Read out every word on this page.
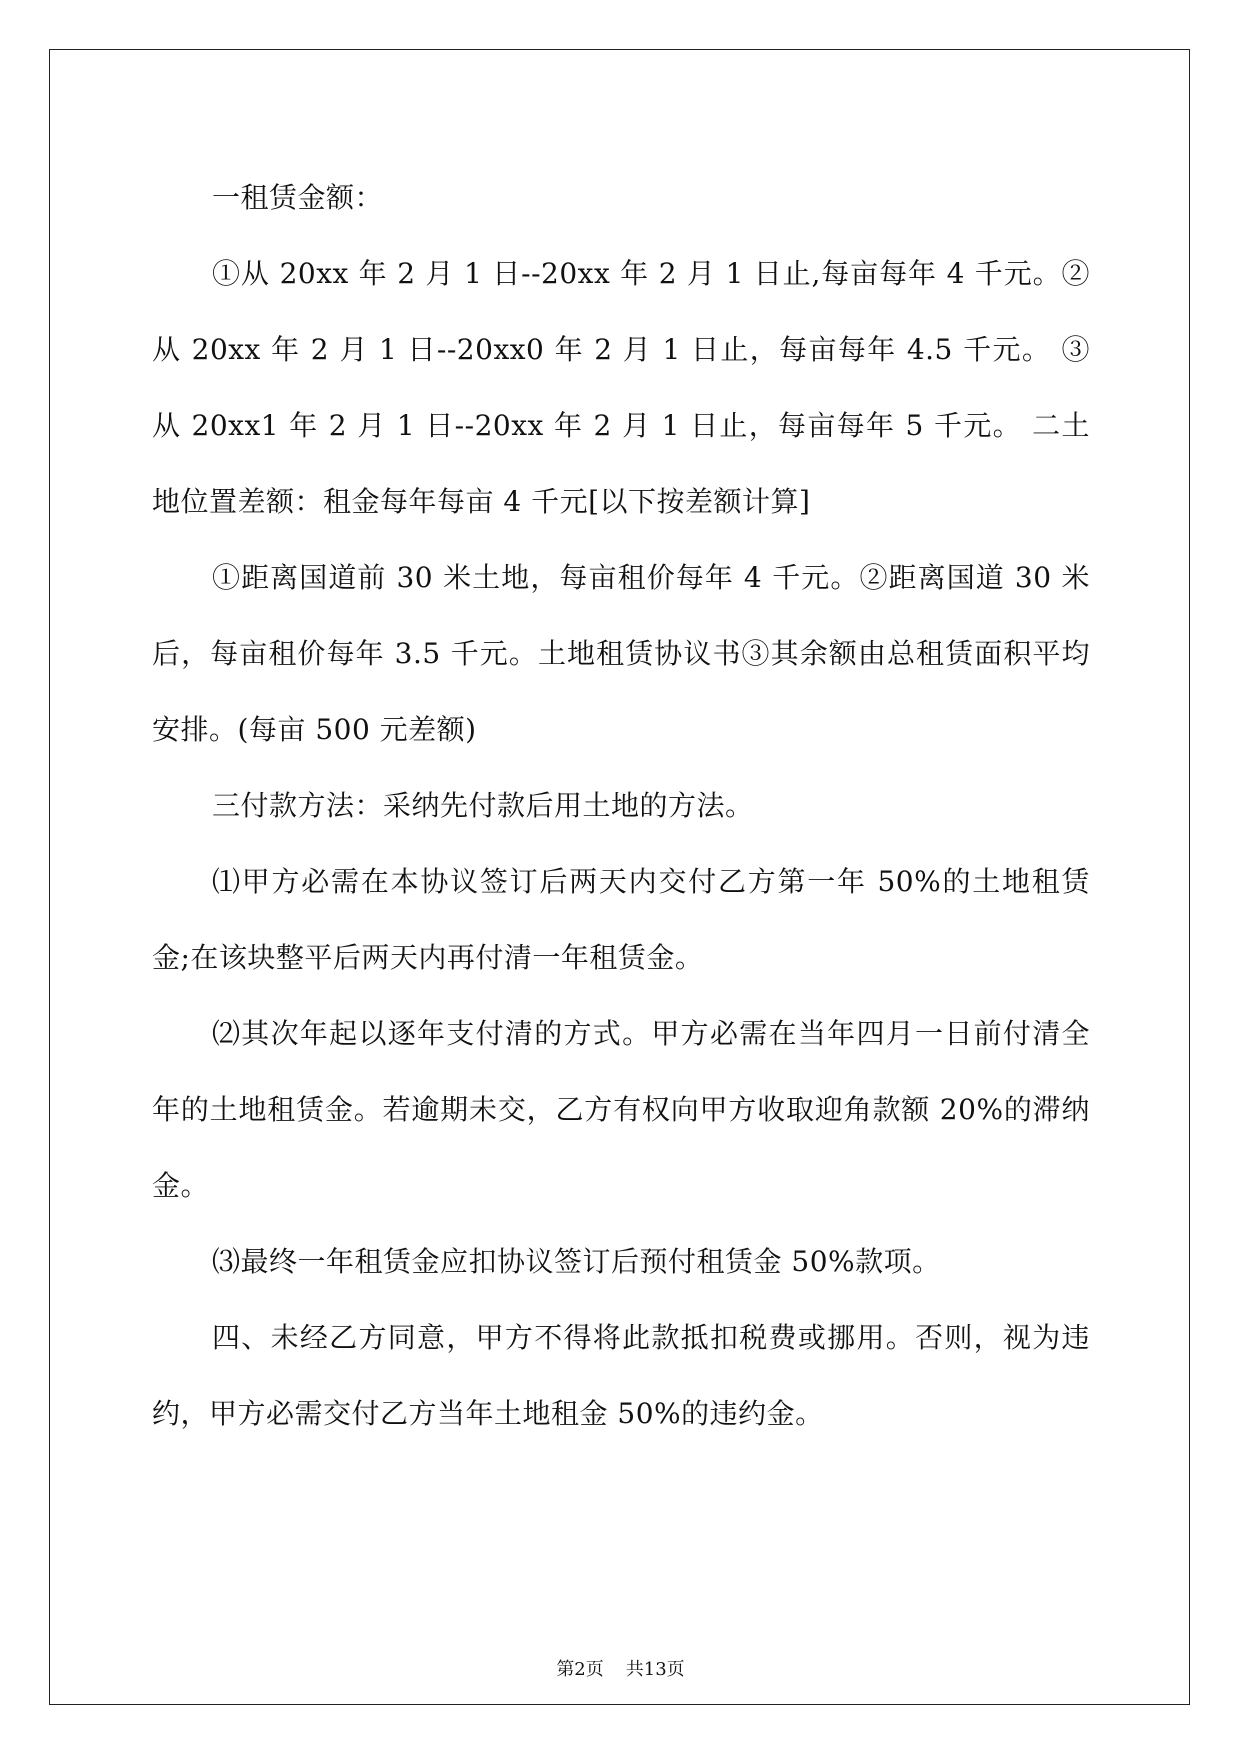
一租赁金额：

①从 20xx 年 2 月 1 日--20xx 年 2 月 1 日止,每亩每年 4 千元。②从 20xx 年 2 月 1 日--20xx0 年 2 月 1 日止，每亩每年 4.5 千元。 ③从 20xx1 年 2 月 1 日--20xx 年 2 月 1 日止，每亩每年 5 千元。 二土地位置差额：租金每年每亩 4 千元[以下按差额计算]

①距离国道前 30 米土地，每亩租价每年 4 千元。②距离国道 30 米后，每亩租价每年 3.5 千元。土地租赁协议书③其余额由总租赁面积平均安排。(每亩 500 元差额)

三付款方法：采纳先付款后用土地的方法。

⑴甲方必需在本协议签订后两天内交付乙方第一年 50%的土地租赁金;在该块整平后两天内再付清一年租赁金。

⑵其次年起以逐年支付清的方式。甲方必需在当年四月一日前付清全年的土地租赁金。若逾期未交，乙方有权向甲方收取迎角款额 20%的滞纳金。

⑶最终一年租赁金应扣协议签订后预付租赁金 50%款项。

四、未经乙方同意，甲方不得将此款抵扣税费或挪用。否则，视为违约，甲方必需交付乙方当年土地租金 50%的违约金。

第2页 共13页
